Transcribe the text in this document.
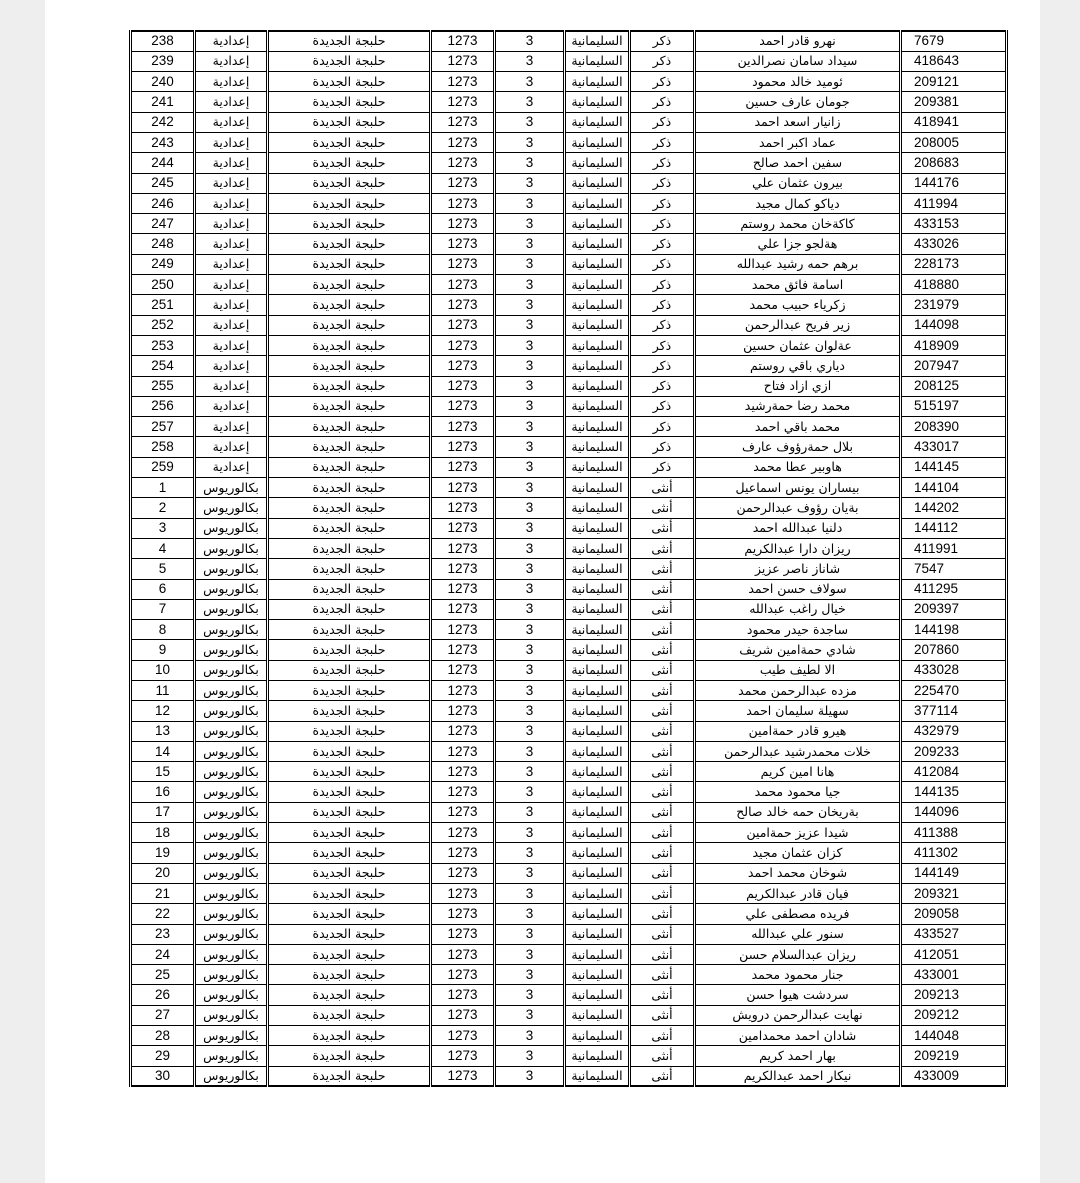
238	إعدادية	حلبجة الجديدة	1273	3	السليمانية	ذكر	نهرو قادر احمد	7679
239	إعدادية	حلبجة الجديدة	1273	3	السليمانية	ذكر	سيداد سامان نصرالدين	418643
240	إعدادية	حلبجة الجديدة	1273	3	السليمانية	ذكر	ئوميد خالد محمود	209121
241	إعدادية	حلبجة الجديدة	1273	3	السليمانية	ذكر	جومان عارف حسين	209381
242	إعدادية	حلبجة الجديدة	1273	3	السليمانية	ذكر	زانيار اسعد احمد	418941
243	إعدادية	حلبجة الجديدة	1273	3	السليمانية	ذكر	عماد اكبر احمد	208005
244	إعدادية	حلبجة الجديدة	1273	3	السليمانية	ذكر	سفين احمد صالح	208683
245	إعدادية	حلبجة الجديدة	1273	3	السليمانية	ذكر	بيرون عثمان علي	144176
246	إعدادية	حلبجة الجديدة	1273	3	السليمانية	ذكر	دياكو كمال مجيد	411994
247	إعدادية	حلبجة الجديدة	1273	3	السليمانية	ذكر	كاكةخان محمد روستم	433153
248	إعدادية	حلبجة الجديدة	1273	3	السليمانية	ذكر	هةلجو جزا علي	433026
249	إعدادية	حلبجة الجديدة	1273	3	السليمانية	ذكر	برهم حمه رشيد عبدالله	228173
250	إعدادية	حلبجة الجديدة	1273	3	السليمانية	ذكر	اسامة فائق محمد	418880
251	إعدادية	حلبجة الجديدة	1273	3	السليمانية	ذكر	زكرياء حبيب محمد	231979
252	إعدادية	حلبجة الجديدة	1273	3	السليمانية	ذكر	زير فريح عبدالرحمن	144098
253	إعدادية	حلبجة الجديدة	1273	3	السليمانية	ذكر	عةلوان عثمان حسين	418909
254	إعدادية	حلبجة الجديدة	1273	3	السليمانية	ذكر	دياري باقي روستم	207947
255	إعدادية	حلبجة الجديدة	1273	3	السليمانية	ذكر	ازي ازاد فتاح	208125
256	إعدادية	حلبجة الجديدة	1273	3	السليمانية	ذكر	محمد رضا حمةرشيد	515197
257	إعدادية	حلبجة الجديدة	1273	3	السليمانية	ذكر	محمد باقي احمد	208390
258	إعدادية	حلبجة الجديدة	1273	3	السليمانية	ذكر	بلال حمةرؤوف عارف	433017
259	إعدادية	حلبجة الجديدة	1273	3	السليمانية	ذكر	هاوبير عطا محمد	144145
1	بكالوريوس	حلبجة الجديدة	1273	3	السليمانية	أنثى	بيساران يونس اسماعيل	144104
2	بكالوريوس	حلبجة الجديدة	1273	3	السليمانية	أنثى	بةيان رؤوف عبدالرحمن	144202
3	بكالوريوس	حلبجة الجديدة	1273	3	السليمانية	أنثى	دلنيا عبدالله احمد	144112
4	بكالوريوس	حلبجة الجديدة	1273	3	السليمانية	أنثى	ريزان دارا عبدالكريم	411991
5	بكالوريوس	حلبجة الجديدة	1273	3	السليمانية	أنثى	شاناز ناصر عزيز	7547
6	بكالوريوس	حلبجة الجديدة	1273	3	السليمانية	أنثى	سولاف حسن احمد	411295
7	بكالوريوس	حلبجة الجديدة	1273	3	السليمانية	أنثى	خيال راغب عبدالله	209397
8	بكالوريوس	حلبجة الجديدة	1273	3	السليمانية	أنثى	ساجدة حيدر محمود	144198
9	بكالوريوس	حلبجة الجديدة	1273	3	السليمانية	أنثى	شادي حمةامين شريف	207860
10	بكالوريوس	حلبجة الجديدة	1273	3	السليمانية	أنثى	الا لطيف طيب	433028
11	بكالوريوس	حلبجة الجديدة	1273	3	السليمانية	أنثى	مزده عبدالرحمن محمد	225470
12	بكالوريوس	حلبجة الجديدة	1273	3	السليمانية	أنثى	سهيلة سليمان احمد	377114
13	بكالوريوس	حلبجة الجديدة	1273	3	السليمانية	أنثى	هيرو قادر حمةامين	432979
14	بكالوريوس	حلبجة الجديدة	1273	3	السليمانية	أنثى	خلات محمدرشيد عبدالرحمن	209233
15	بكالوريوس	حلبجة الجديدة	1273	3	السليمانية	أنثى	هانا امين كريم	412084
16	بكالوريوس	حلبجة الجديدة	1273	3	السليمانية	أنثى	جيا محمود محمد	144135
17	بكالوريوس	حلبجة الجديدة	1273	3	السليمانية	أنثى	بةريخان حمه خالد صالح	144096
18	بكالوريوس	حلبجة الجديدة	1273	3	السليمانية	أنثى	شيدا عزيز حمةامين	411388
19	بكالوريوس	حلبجة الجديدة	1273	3	السليمانية	أنثى	كزان عثمان مجيد	411302
20	بكالوريوس	حلبجة الجديدة	1273	3	السليمانية	أنثى	شوخان محمد احمد	144149
21	بكالوريوس	حلبجة الجديدة	1273	3	السليمانية	أنثى	فيان قادر عبدالكريم	209321
22	بكالوريوس	حلبجة الجديدة	1273	3	السليمانية	أنثى	فريده مصطفى علي	209058
23	بكالوريوس	حلبجة الجديدة	1273	3	السليمانية	أنثى	سنور علي عبدالله	433527
24	بكالوريوس	حلبجة الجديدة	1273	3	السليمانية	أنثى	ريزان عبدالسلام حسن	412051
25	بكالوريوس	حلبجة الجديدة	1273	3	السليمانية	أنثى	جنار محمود محمد	433001
26	بكالوريوس	حلبجة الجديدة	1273	3	السليمانية	أنثى	سردشت هيوا حسن	209213
27	بكالوريوس	حلبجة الجديدة	1273	3	السليمانية	أنثى	نهايت عبدالرحمن درويش	209212
28	بكالوريوس	حلبجة الجديدة	1273	3	السليمانية	أنثى	شادان احمد محمدامين	144048
29	بكالوريوس	حلبجة الجديدة	1273	3	السليمانية	أنثى	بهار احمد كريم	209219
30	بكالوريوس	حلبجة الجديدة	1273	3	السليمانية	أنثى	نيكار احمد عبدالكريم	433009
